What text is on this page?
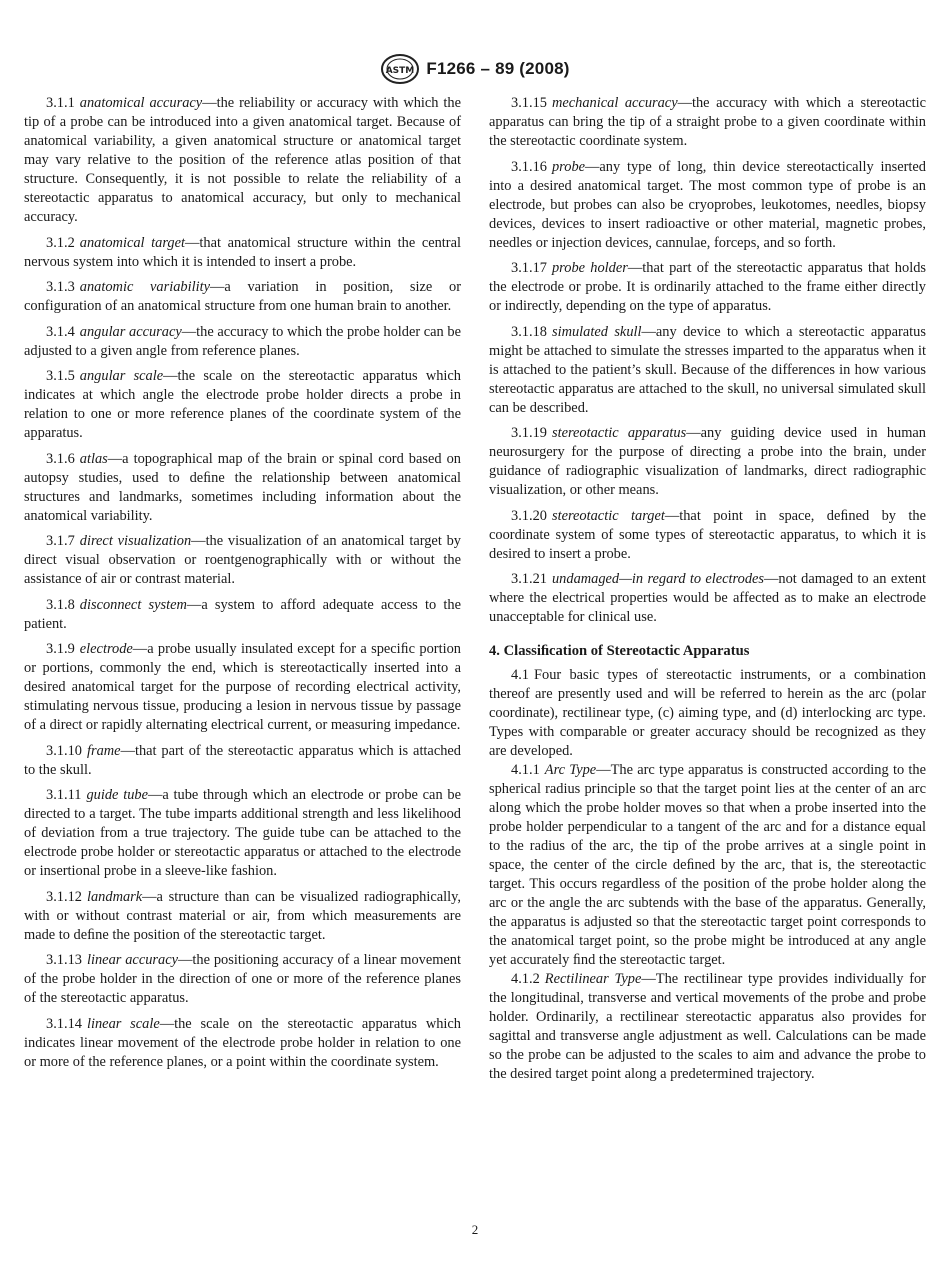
ASTM F1266 – 89 (2008)

3.1.1 anatomical accuracy—the reliability or accuracy with which the tip of a probe can be introduced into a given anatomical target. Because of anatomical variability, a given anatomical structure or anatomical target may vary relative to the position of the reference atlas position of that structure. Consequently, it is not possible to relate the reliability of a stereotactic apparatus to anatomical accuracy, but only to mechanical accuracy.

3.1.2 anatomical target—that anatomical structure within the central nervous system into which it is intended to insert a probe.

3.1.3 anatomic variability—a variation in position, size or configuration of an anatomical structure from one human brain to another.

3.1.4 angular accuracy—the accuracy to which the probe holder can be adjusted to a given angle from reference planes.

3.1.5 angular scale—the scale on the stereotactic apparatus which indicates at which angle the electrode probe holder directs a probe in relation to one or more reference planes of the coordinate system of the apparatus.

3.1.6 atlas—a topographical map of the brain or spinal cord based on autopsy studies, used to deﬁne the relationship between anatomical structures and landmarks, sometimes including information about the anatomical variability.

3.1.7 direct visualization—the visualization of an anatomical target by direct visual observation or roentgenographically with or without the assistance of air or contrast material.

3.1.8 disconnect system—a system to afford adequate access to the patient.

3.1.9 electrode—a probe usually insulated except for a speciﬁc portion or portions, commonly the end, which is stereotactically inserted into a desired anatomical target for the purpose of recording electrical activity, stimulating nervous tissue, producing a lesion in nervous tissue by passage of a direct or rapidly alternating electrical current, or measuring impedance.

3.1.10 frame—that part of the stereotactic apparatus which is attached to the skull.

3.1.11 guide tube—a tube through which an electrode or probe can be directed to a target. The tube imparts additional strength and less likelihood of deviation from a true trajectory. The guide tube can be attached to the electrode probe holder or stereotactic apparatus or attached to the electrode or insertional probe in a sleeve-like fashion.

3.1.12 landmark—a structure than can be visualized radiographically, with or without contrast material or air, from which measurements are made to deﬁne the position of the stereotactic target.

3.1.13 linear accuracy—the positioning accuracy of a linear movement of the probe holder in the direction of one or more of the reference planes of the stereotactic apparatus.

3.1.14 linear scale—the scale on the stereotactic apparatus which indicates linear movement of the electrode probe holder in relation to one or more of the reference planes, or a point within the coordinate system.

3.1.15 mechanical accuracy—the accuracy with which a stereotactic apparatus can bring the tip of a straight probe to a given coordinate within the stereotactic coordinate system.

3.1.16 probe—any type of long, thin device stereotactically inserted into a desired anatomical target. The most common type of probe is an electrode, but probes can also be cryoprobes, leukotomes, needles, biopsy devices, devices to insert radioactive or other material, magnetic probes, needles or injection devices, cannulae, forceps, and so forth.

3.1.17 probe holder—that part of the stereotactic apparatus that holds the electrode or probe. It is ordinarily attached to the frame either directly or indirectly, depending on the type of apparatus.

3.1.18 simulated skull—any device to which a stereotactic apparatus might be attached to simulate the stresses imparted to the apparatus when it is attached to the patient’s skull. Because of the differences in how various stereotactic apparatus are attached to the skull, no universal simulated skull can be described.

3.1.19 stereotactic apparatus—any guiding device used in human neurosurgery for the purpose of directing a probe into the brain, under guidance of radiographic visualization of landmarks, direct radiographic visualization, or other means.

3.1.20 stereotactic target—that point in space, deﬁned by the coordinate system of some types of stereotactic apparatus, to which it is desired to insert a probe.

3.1.21 undamaged—in regard to electrodes—not damaged to an extent where the electrical properties would be affected as to make an electrode unacceptable for clinical use.

4. Classiﬁcation of Stereotactic Apparatus

4.1 Four basic types of stereotactic instruments, or a combination thereof are presently used and will be referred to herein as the arc (polar coordinate), rectilinear type, (c) aiming type, and (d) interlocking arc type. Types with comparable or greater accuracy should be recognized as they are developed.

4.1.1 Arc Type—The arc type apparatus is constructed according to the spherical radius principle so that the target point lies at the center of an arc along which the probe holder moves so that when a probe inserted into the probe holder perpendicular to a tangent of the arc and for a distance equal to the radius of the arc, the tip of the probe arrives at a single point in space, the center of the circle deﬁned by the arc, that is, the stereotactic target. This occurs regardless of the position of the probe holder along the arc or the angle the arc subtends with the base of the apparatus. Generally, the apparatus is adjusted so that the stereotactic target point corresponds to the anatomical target point, so the probe might be introduced at any angle yet accurately ﬁnd the stereotactic target.

4.1.2 Rectilinear Type—The rectilinear type provides individually for the longitudinal, transverse and vertical movements of the probe and probe holder. Ordinarily, a rectilinear stereotactic apparatus also provides for sagittal and transverse angle adjustment as well. Calculations can be made so the probe can be adjusted to the scales to aim and advance the probe to the desired target point along a predetermined trajectory.

2
